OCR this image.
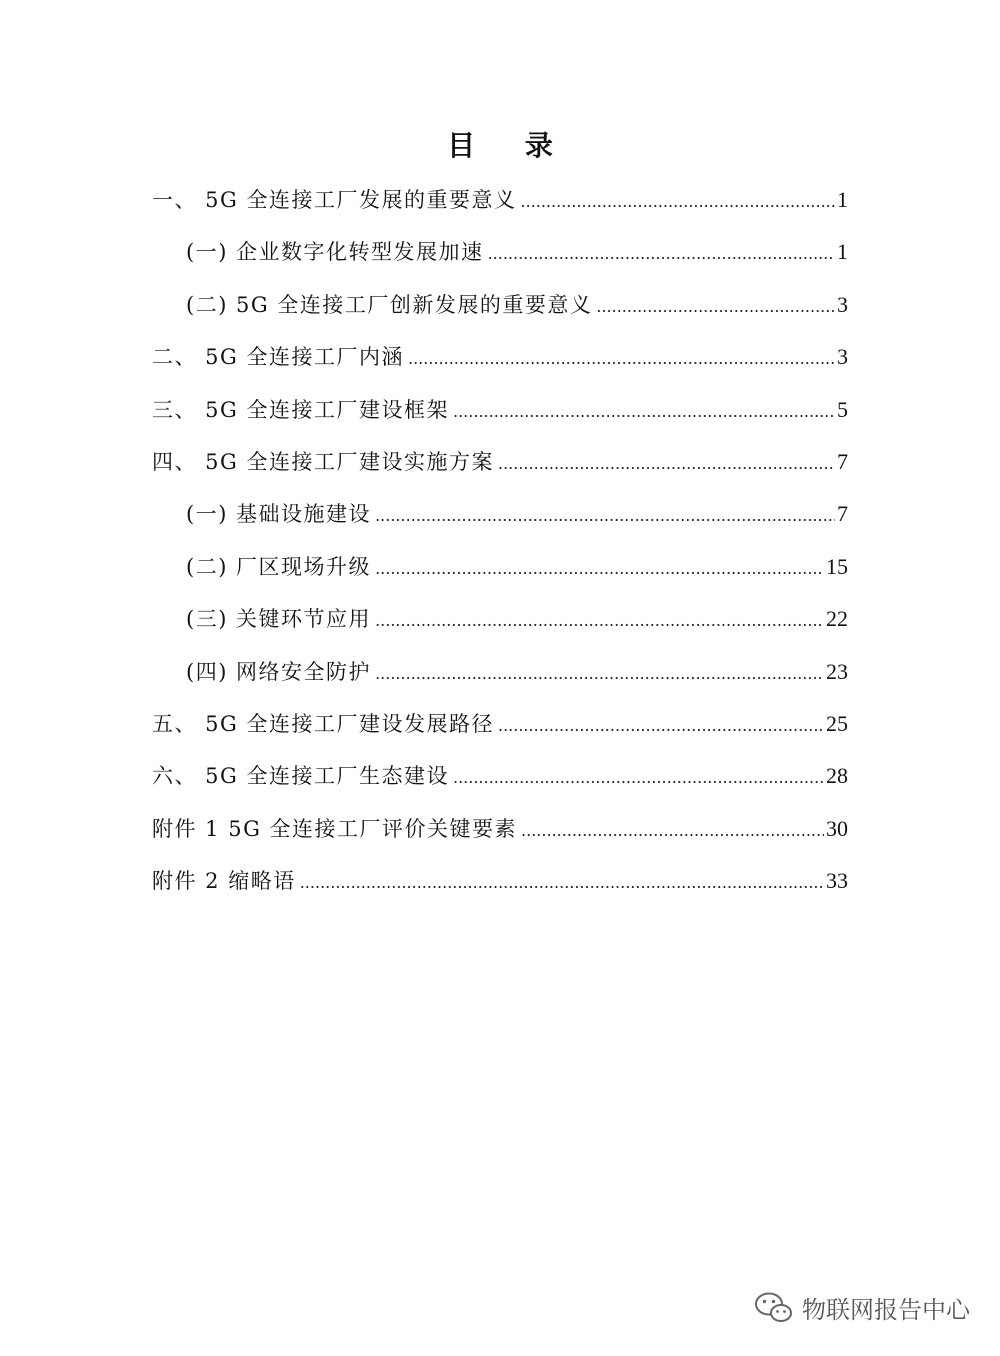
目 录
一、 5G 全连接工厂发展的重要意义 .....	1
(一) 企业数字化转型发展加速 .....	1
(二) 5G 全连接工厂创新发展的重要意义 .....	3
二、 5G 全连接工厂内涵 .....	3
三、 5G 全连接工厂建设框架 .....	5
四、 5G 全连接工厂建设实施方案 .....	7
(一) 基础设施建设 .....	7
(二) 厂区现场升级 .....	15
(三) 关键环节应用 .....	22
(四) 网络安全防护 .....	23
五、 5G 全连接工厂建设发展路径 .....	25
六、 5G 全连接工厂生态建设 .....	28
附件 1 5G 全连接工厂评价关键要素 .....	30
附件 2 缩略语 .....	33
物联网报告中心
